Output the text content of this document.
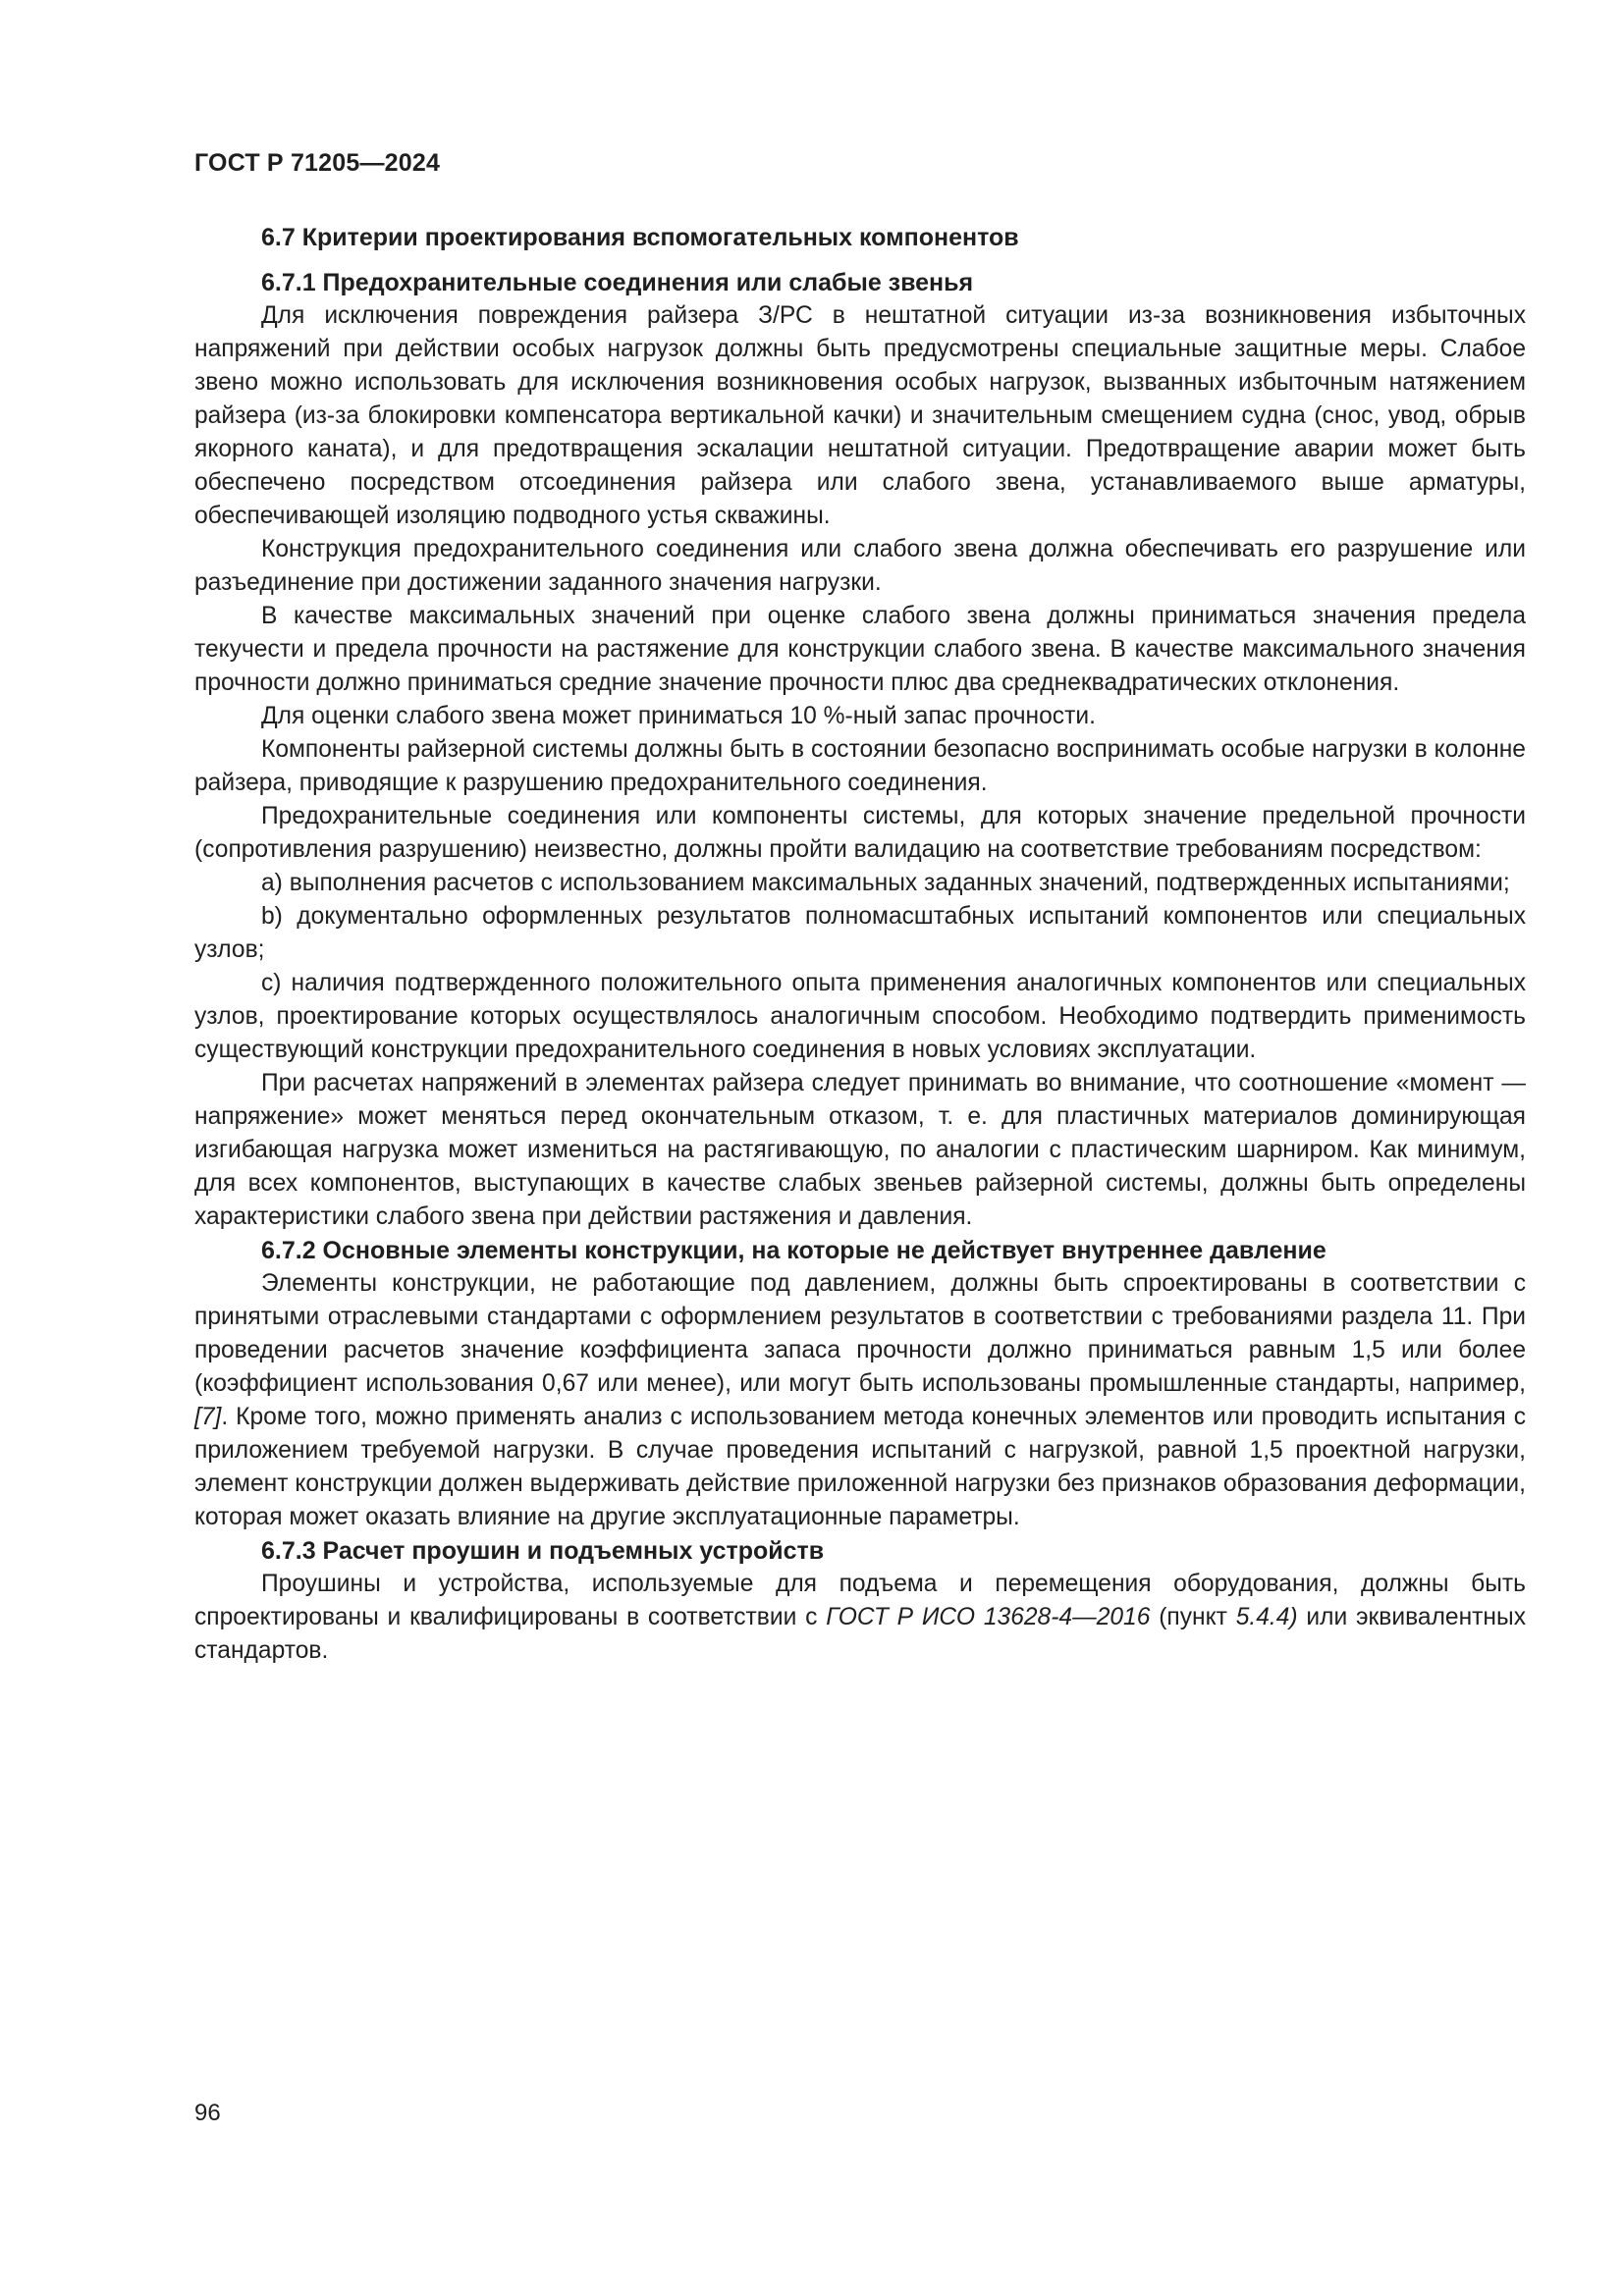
ГОСТ Р 71205—2024
6.7 Критерии проектирования вспомогательных компонентов
6.7.1 Предохранительные соединения или слабые звенья

Для исключения повреждения райзера З/РС в нештатной ситуации из-за возникновения избыточных напряжений при действии особых нагрузок должны быть предусмотрены специальные защитные меры. Слабое звено можно использовать для исключения возникновения особых нагрузок, вызванных избыточным натяжением райзера (из-за блокировки компенсатора вертикальной качки) и значительным смещением судна (снос, увод, обрыв якорного каната), и для предотвращения эскалации нештатной ситуации. Предотвращение аварии может быть обеспечено посредством отсоединения райзера или слабого звена, устанавливаемого выше арматуры, обеспечивающей изоляцию подводного устья скважины.

Конструкция предохранительного соединения или слабого звена должна обеспечивать его разрушение или разъединение при достижении заданного значения нагрузки.

В качестве максимальных значений при оценке слабого звена должны приниматься значения предела текучести и предела прочности на растяжение для конструкции слабого звена. В качестве максимального значения прочности должно приниматься средние значение прочности плюс два среднеквадратических отклонения.

Для оценки слабого звена может приниматься 10 %-ный запас прочности.

Компоненты райзерной системы должны быть в состоянии безопасно воспринимать особые нагрузки в колонне райзера, приводящие к разрушению предохранительного соединения.

Предохранительные соединения или компоненты системы, для которых значение предельной прочности (сопротивления разрушению) неизвестно, должны пройти валидацию на соответствие требованиям посредством:

а) выполнения расчетов с использованием максимальных заданных значений, подтвержденных испытаниями;

b) документально оформленных результатов полномасштабных испытаний компонентов или специальных узлов;

c) наличия подтвержденного положительного опыта применения аналогичных компонентов или специальных узлов, проектирование которых осуществлялось аналогичным способом. Необходимо подтвердить применимость существующий конструкции предохранительного соединения в новых условиях эксплуатации.

При расчетах напряжений в элементах райзера следует принимать во внимание, что соотношение «момент — напряжение» может меняться перед окончательным отказом, т. е. для пластичных материалов доминирующая изгибающая нагрузка может измениться на растягивающую, по аналогии с пластическим шарниром. Как минимум, для всех компонентов, выступающих в качестве слабых звеньев райзерной системы, должны быть определены характеристики слабого звена при действии растяжения и давления.

6.7.2 Основные элементы конструкции, на которые не действует внутреннее давление

Элементы конструкции, не работающие под давлением, должны быть спроектированы в соответствии с принятыми отраслевыми стандартами с оформлением результатов в соответствии с требованиями раздела 11. При проведении расчетов значение коэффициента запаса прочности должно приниматься равным 1,5 или более (коэффициент использования 0,67 или менее), или могут быть использованы промышленные стандарты, например, [7]. Кроме того, можно применять анализ с использованием метода конечных элементов или проводить испытания с приложением требуемой нагрузки. В случае проведения испытаний с нагрузкой, равной 1,5 проектной нагрузки, элемент конструкции должен выдерживать действие приложенной нагрузки без признаков образования деформации, которая может оказать влияние на другие эксплуатационные параметры.

6.7.3 Расчет проушин и подъемных устройств

Проушины и устройства, используемые для подъема и перемещения оборудования, должны быть спроектированы и квалифицированы в соответствии с ГОСТ Р ИСО 13628-4—2016 (пункт 5.4.4) или эквивалентных стандартов.

96
